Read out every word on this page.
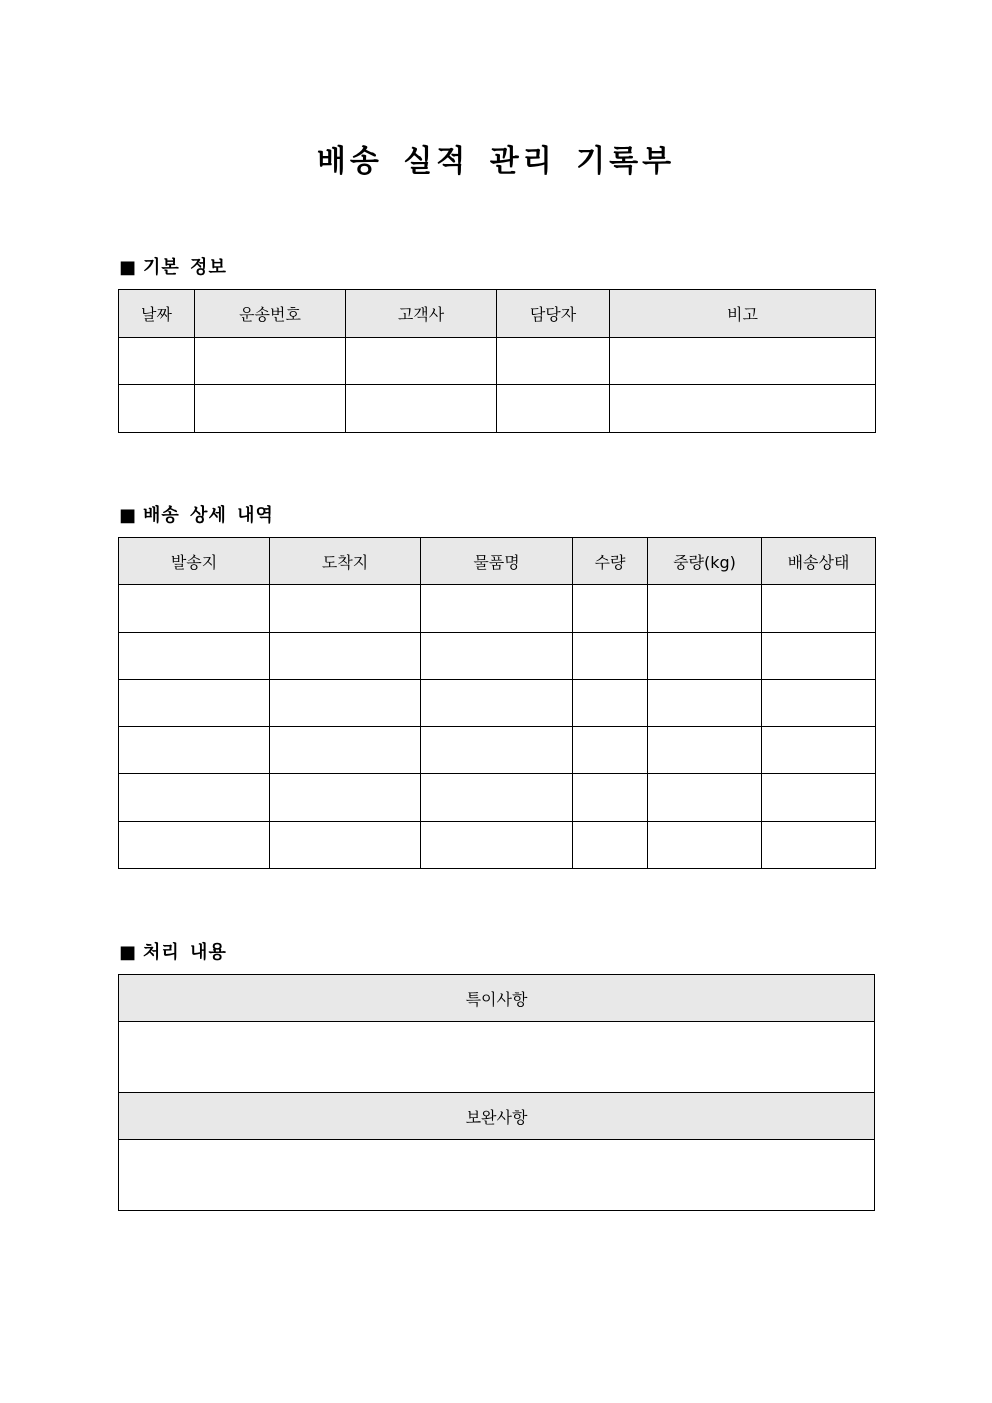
배송 실적 관리 기록부
■ 기본 정보
날짜	운송번호	고객사	담당자	비고

■ 배송 상세 내역
발송지	도착지	물품명	수량	중량(kg)	배송상태

■ 처리 내용
특이사항

보완사항
